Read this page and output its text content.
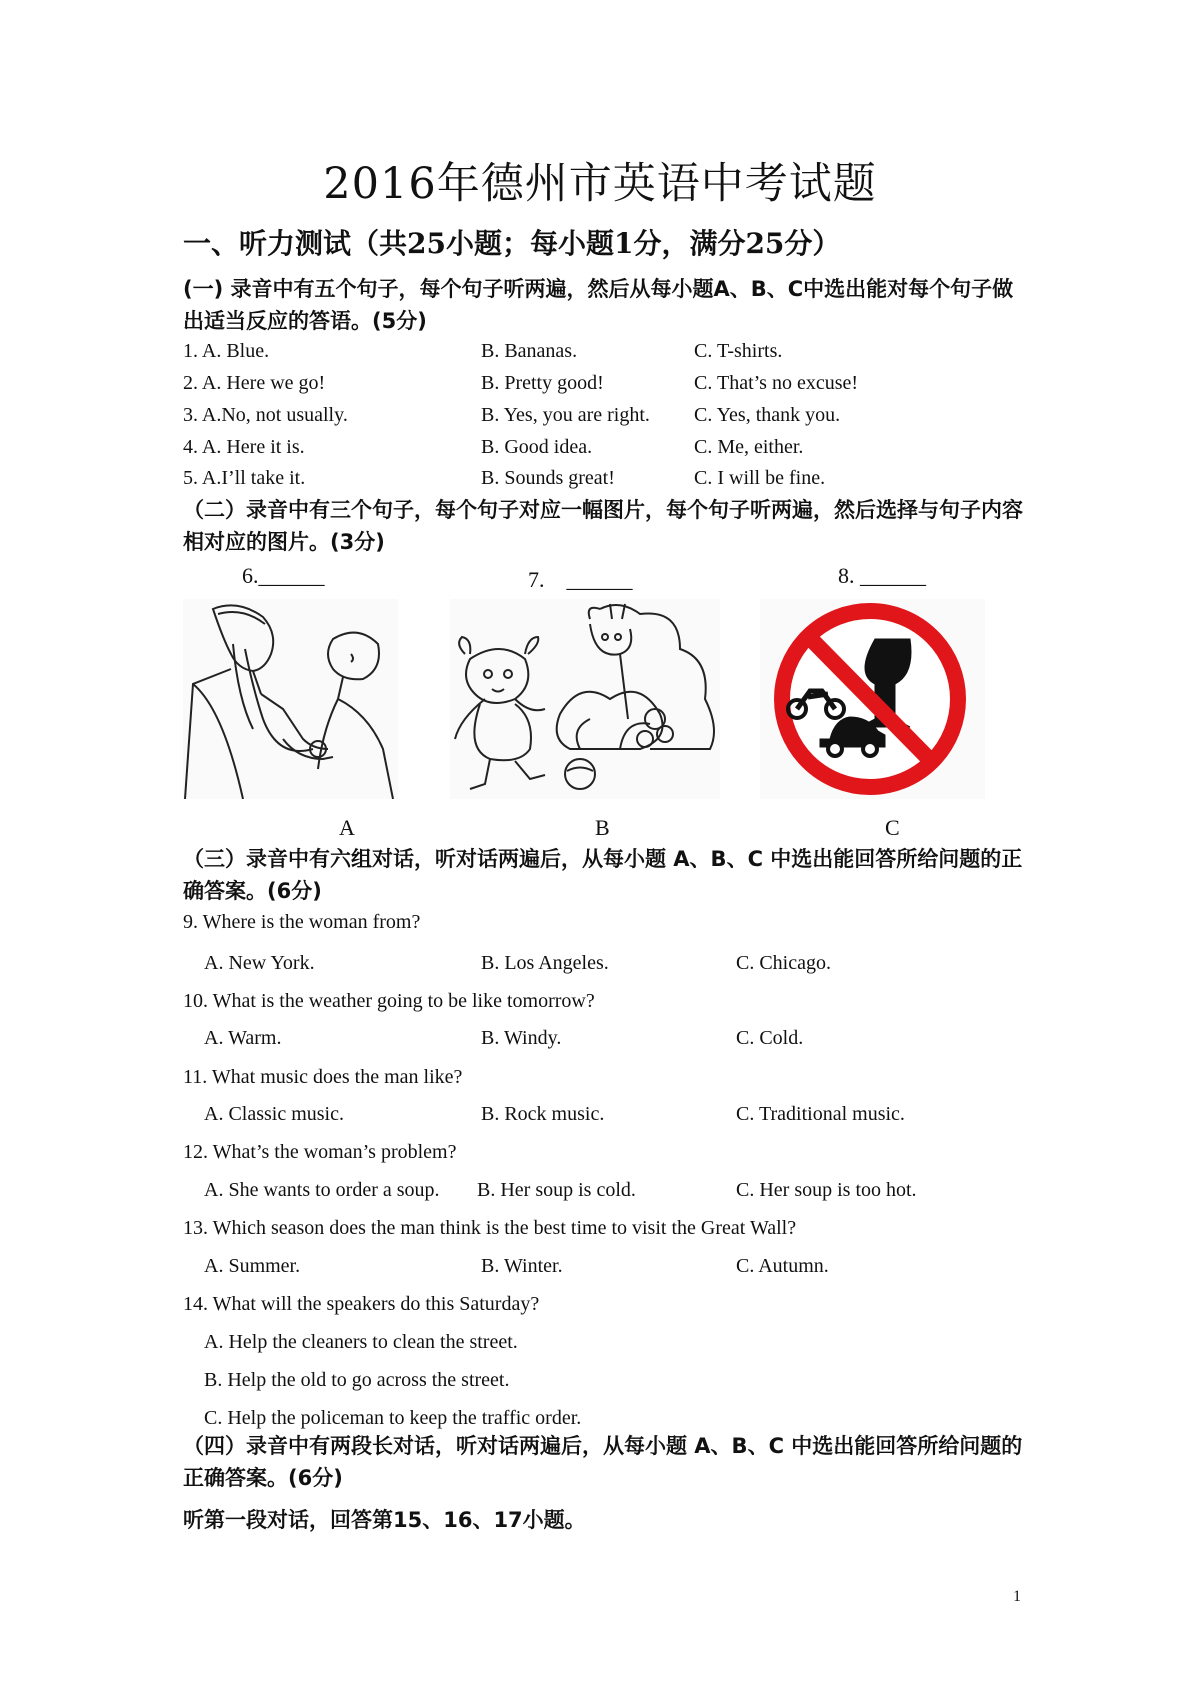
2016年德州市英语中考试题
一、听力测试（共25小题；每小题1分，满分25分）
(一) 录音中有五个句子，每个句子听两遍，然后从每小题A、B、C中选出能对每个句子做出适当反应的答语。(5分)
1. A. Blue.	B. Bananas.	C. T-shirts.
2. A. Here we go!	B. Pretty good!	C. That’s no excuse!
3. A.No, not usually.	B. Yes, you are right. C. Yes, thank you.
4. A. Here it is.	B. Good idea.	C. Me, either.
5. A.I’ll take it.	B. Sounds great!	C. I will be fine.
（二）录音中有三个句子，每个句子对应一幅图片，每个句子听两遍，然后选择与句子内容相对应的图片。(3分)
6.______	7.　______	8. ______
A	B	C
（三）录音中有六组对话，听对话两遍后，从每小题 A、B、C 中选出能回答所给问题的正确答案。(6分)
9. Where is the woman from?
A. New York.	B. Los Angeles.	C. Chicago.
10. What is the weather going to be like tomorrow?
A. Warm.	B. Windy.	C. Cold.
11. What music does the man like?
A. Classic music.	B. Rock music.	C. Traditional music.
12. What’s the woman’s problem?
A. She wants to order a soup. B. Her soup is cold.	C. Her soup is too hot.
13. Which season does the man think is the best time to visit the Great Wall?
A. Summer.	B. Winter.	C. Autumn.
14. What will the speakers do this Saturday?
A. Help the cleaners to clean the street.
B. Help the old to go across the street.
C. Help the policeman to keep the traffic order.
（四）录音中有两段长对话，听对话两遍后，从每小题 A、B、C 中选出能回答所给问题的正确答案。(6分)
听第一段对话，回答第15、16、17小题。
1
